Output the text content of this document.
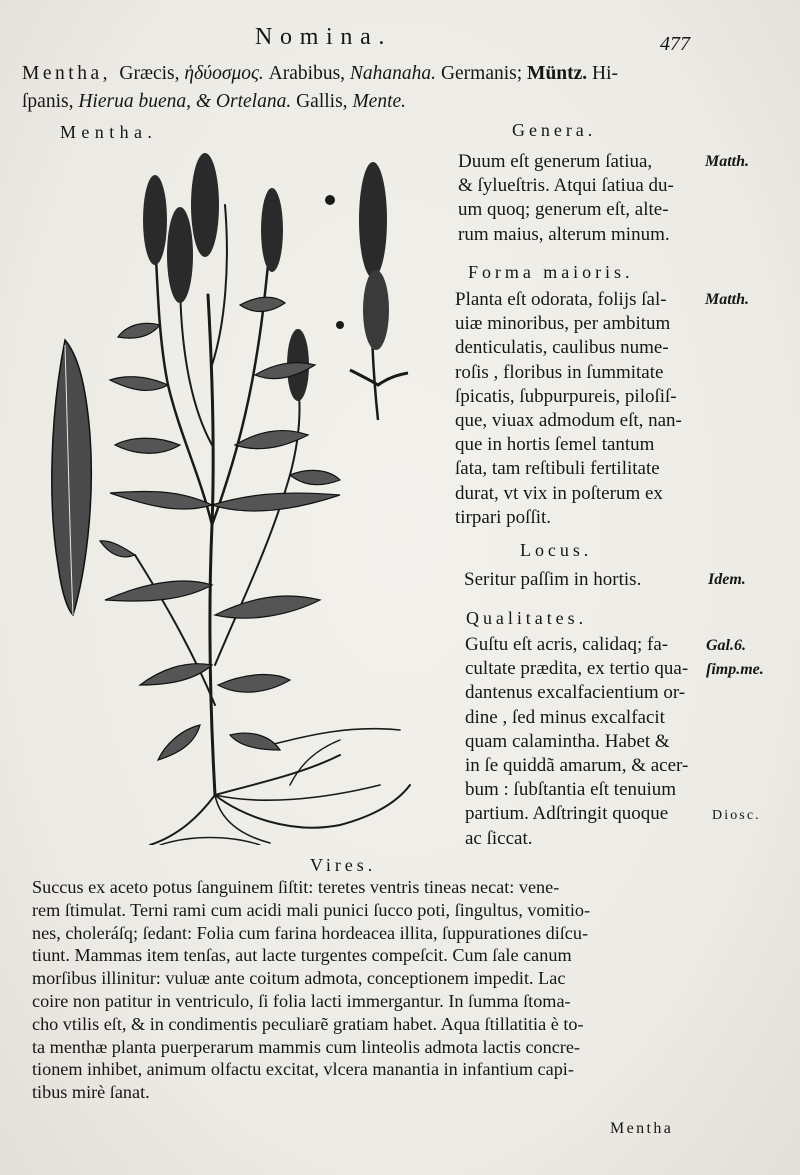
Nomina.	477
Mentha, Græcis, ἡδύοσμος. Arabibus, Nahanaha. Germanis; Müntz. Hi-
ſpanis, Hierua buena, & Ortelana. Gallis, Mente.
Mentha.	Genera.
Duum eſt generum ſatiua,
& ſylueſtris. Atqui ſatiua du-
um quoq; generum eſt, alte-
rum maius, alterum minum.
Matth.
Forma maioris.
Planta eſt odorata, folijs ſal-
uiæ minoribus, per ambitum
denticulatis, caulibus nume-
roſis , floribus in ſummitate
ſpicatis, ſubpurpureis, piloſiſ-
que, viuax admodum eſt, nan-
que in hortis ſemel tantum
ſata, tam reſtibuli fertilitate
durat, vt vix in poſterum ex
tirpari poſſit.
Matth.
Locus.
Seritur paſſim in hortis.	Idem.
Qualitates.
Guſtu eſt acris, calidaq; fa-
cultate prædita, ex tertio qua-
dantenus excalfacientium or-
dine , ſed minus excalfacit
quam calamintha. Habet &
in ſe quiddã amarum, & acer-
bum : ſubſtantia eſt tenuium
partium. Adſtringit quoque
ac ſiccat.
Gal.6.
ſimp.me.
Diosc.
Vires.
Succus ex aceto potus ſanguinem ſiſtit: teretes ventris tineas necat: vene-
rem ſtimulat. Terni rami cum acidi mali punici ſucco poti, ſingultus, vomitio-
nes, choleráſq; ſedant: Folia cum farina hordeacea illita, ſuppurationes diſcu-
tiunt. Mammas item tenſas, aut lacte turgentes compeſcit. Cum ſale canum
morſibus illinitur: vuluæ ante coitum admota, conceptionem impedit. Lac
coire non patitur in ventriculo, ſi folia lacti immergantur. In ſumma ſtoma-
cho vtilis eſt, & in condimentis peculiarẽ gratiam habet. Aqua ſtillatitia è to-
ta menthæ planta puerperarum mammis cum linteolis admota lactis concre-
tionem inhibet, animum olfactu excitat, vlcera manantia in infantium capi-
tibus mirè ſanat.
Mentha
